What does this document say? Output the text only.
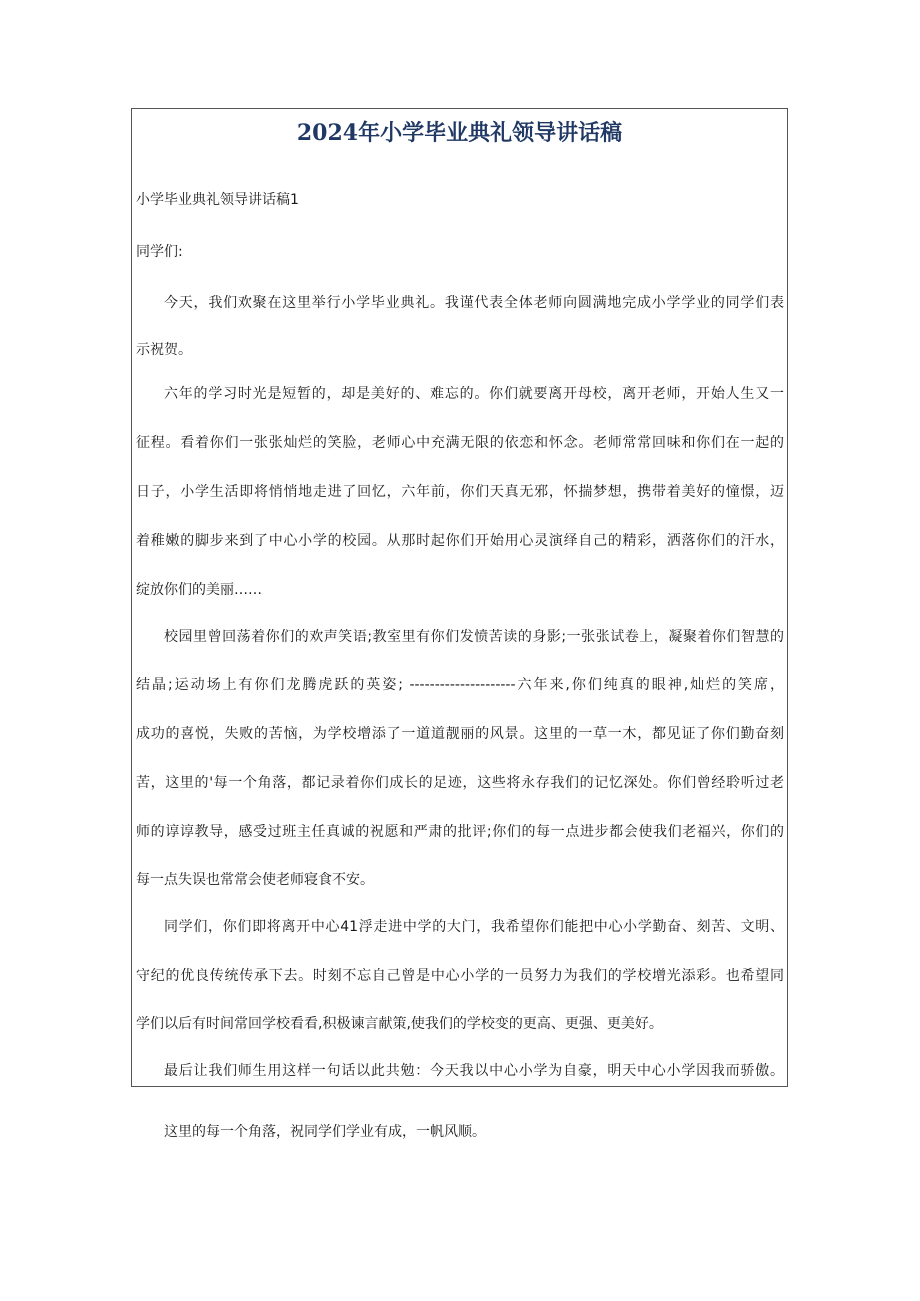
2024年小学毕业典礼领导讲话稿
小学毕业典礼领导讲话稿1
同学们:
今天，我们欢聚在这里举行小学毕业典礼。我谨代表全体老师向圆满地完成小学学业的同学们表
示祝贺。
六年的学习时光是短暂的，却是美好的、难忘的。你们就要离开母校，离开老师，开始人生又一
征程。看着你们一张张灿烂的笑脸，老师心中充满无限的依恋和怀念。老师常常回味和你们在一起的
日子，小学生活即将悄悄地走进了回忆，六年前，你们天真无邪，怀揣梦想，携带着美好的憧憬，迈
着稚嫩的脚步来到了中心小学的校园。从那时起你们开始用心灵演绎自己的精彩，洒落你们的汗水，
绽放你们的美丽……
校园里曾回荡着你们的欢声笑语;教室里有你们发愤苦读的身影;一张张试卷上，凝聚着你们智慧的
结晶;运动场上有你们龙腾虎跃的英姿; ---------------------六年来,你们纯真的眼神,灿烂的笑席，
成功的喜悦，失败的苦恼，为学校增添了一道道靓丽的风景。这里的一草一木，都见证了你们勤奋刻
苦，这里的'每一个角落，都记录着你们成长的足迹，这些将永存我们的记忆深处。你们曾经聆听过老
师的谆谆教导，感受过班主任真诚的祝愿和严肃的批评;你们的每一点进步都会使我们老福兴，你们的
每一点失误也常常会使老师寝食不安。
同学们，你们即将离开中心41浮走进中学的大门，我希望你们能把中心小学勤奋、刻苦、文明、
守纪的优良传统传承下去。时刻不忘自己曾是中心小学的一员努力为我们的学校增光添彩。也希望同
学们以后有时间常回学校看看,积极谏言献策,使我们的学校变的更高、更强、更美好。
最后让我们师生用这样一句话以此共勉：今天我以中心小学为自豪，明天中心小学因我而骄傲。
这里的每一个角落，祝同学们学业有成，一帆风顺。
